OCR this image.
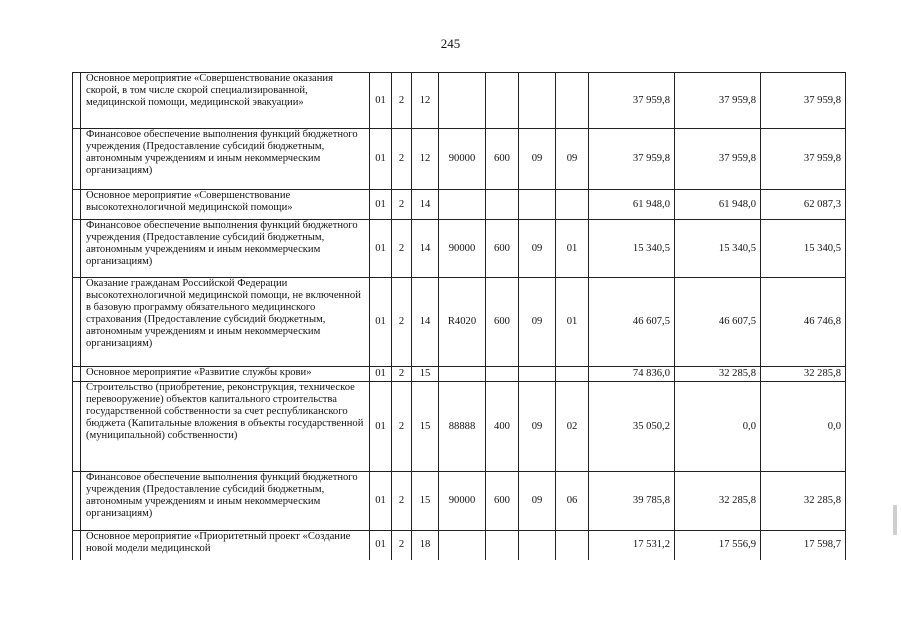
245
	Основное мероприятие «Совершенствование оказания скорой, в том числе скорой специализированной, медицинской помощи, медицинской эвакуации»	01	2	12					37 959,8	37 959,8	37 959,8
	Финансовое обеспечение выполнения функций бюджетного учреждения (Предоставление субсидий бюджетным, автономным учреждениям и иным некоммерческим организациям)	01	2	12	90000	600	09	09	37 959,8	37 959,8	37 959,8
	Основное мероприятие «Совершенствование высокотехнологичной медицинской помощи»	01	2	14					61 948,0	61 948,0	62 087,3
	Финансовое обеспечение выполнения функций бюджетного учреждения (Предоставление субсидий бюджетным, автономным учреждениям и иным некоммерческим организациям)	01	2	14	90000	600	09	01	15 340,5	15 340,5	15 340,5
	Оказание гражданам Российской Федерации высокотехнологичной медицинской помощи, не включенной в базовую программу обязательного медицинского страхования (Предоставление субсидий бюджетным, автономным учреждениям и иным некоммерческим организациям)	01	2	14	R4020	600	09	01	46 607,5	46 607,5	46 746,8
	Основное мероприятие «Развитие службы крови»	01	2	15					74 836,0	32 285,8	32 285,8
	Строительство (приобретение, реконструкция, техническое перевооружение) объектов капитального строительства государственной собственности за счет республиканского бюджета (Капитальные вложения в объекты государственной (муниципальной) собственности)	01	2	15	88888	400	09	02	35 050,2	0,0	0,0
	Финансовое обеспечение выполнения функций бюджетного учреждения (Предоставление субсидий бюджетным, автономным учреждениям и иным некоммерческим организациям)	01	2	15	90000	600	09	06	39 785,8	32 285,8	32 285,8
	Основное мероприятие «Приоритетный проект «Создание новой модели медицинской	01	2	18					17 531,2	17 556,9	17 598,7
